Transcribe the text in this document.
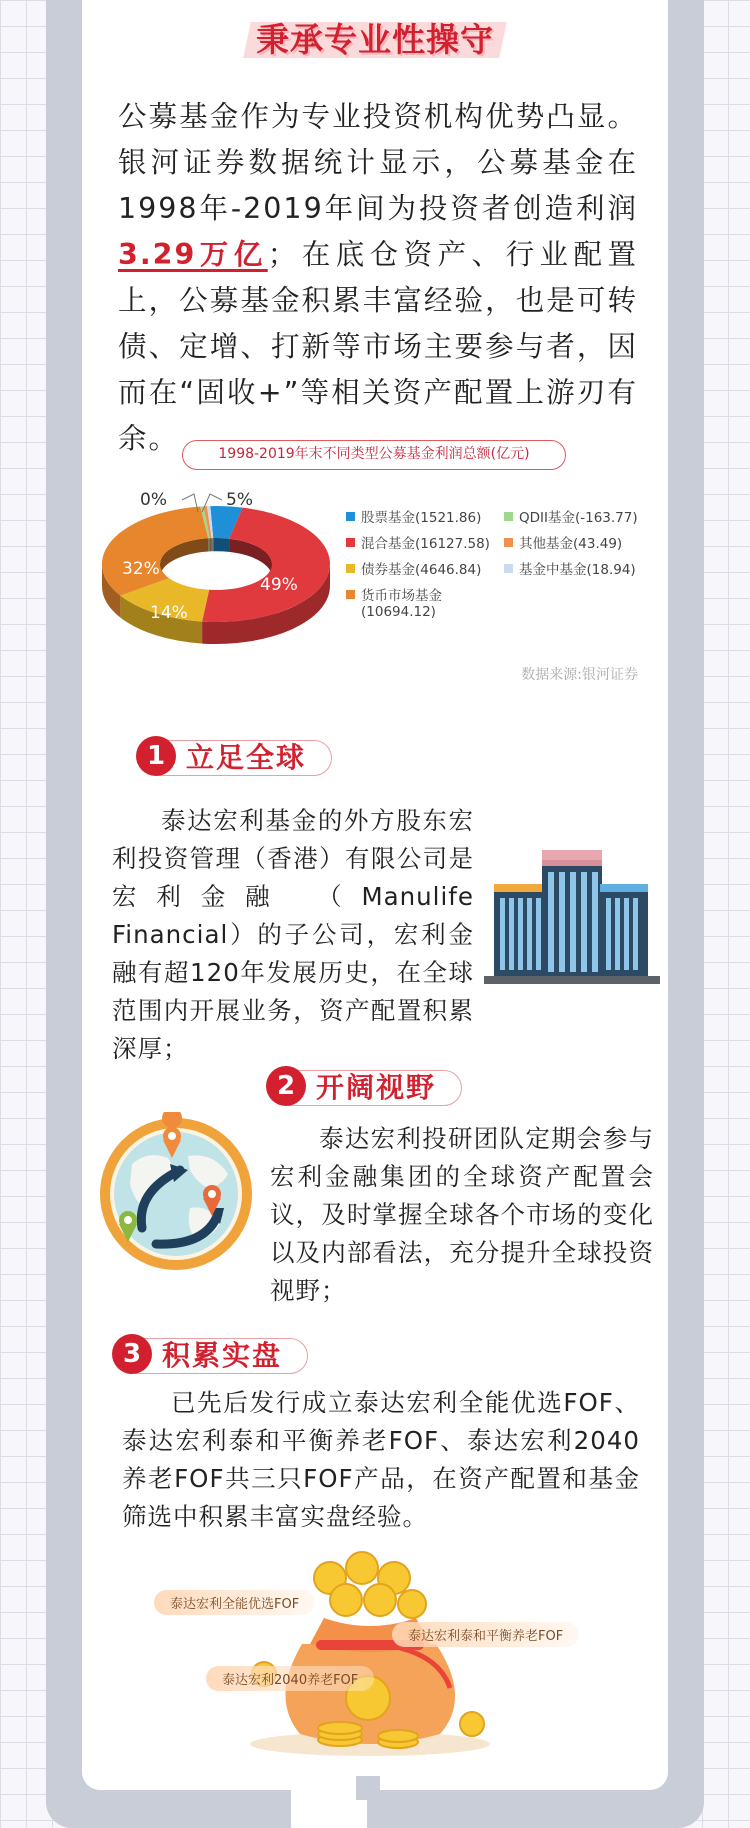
秉承专业性操守
公募基金作为专业投资机构优势凸显。银河证券数据统计显示，公募基金在1998年-2019年间为投资者创造利润3.29万亿；在底仓资产、行业配置上，公募基金积累丰富经验，也是可转债、定增、打新等市场主要参与者，因而在“固收+”等相关资产配置上游刃有余。	1998-2019年末不同类型公募基金利润总额(亿元)
5%
49%
14%
32%
0%
股票基金(1521.86)
混合基金(16127.58)
债券基金(4646.84)
货币市场基金
(10694.12)
QDII基金(-163.77)
其他基金(43.49)
基金中基金(18.94)
数据来源:银河证券
1 立足全球
泰达宏利基金的外方股东宏利投资管理（香港）有限公司是宏利金融 （Manulife Financial）的子公司，宏利金融有超120年发展历史，在全球范围内开展业务，资产配置积累深厚；
2 开阔视野
泰达宏利投研团队定期会参与宏利金融集团的全球资产配置会议，及时掌握全球各个市场的变化以及内部看法，充分提升全球投资视野；
3 积累实盘
已先后发行成立泰达宏利全能优选FOF、泰达宏利泰和平衡养老FOF、泰达宏利2040养老FOF共三只FOF产品，在资产配置和基金筛选中积累丰富实盘经验。
泰达宏利全能优选FOF
泰达宏利泰和平衡养老FOF
泰达宏利2040养老FOF
